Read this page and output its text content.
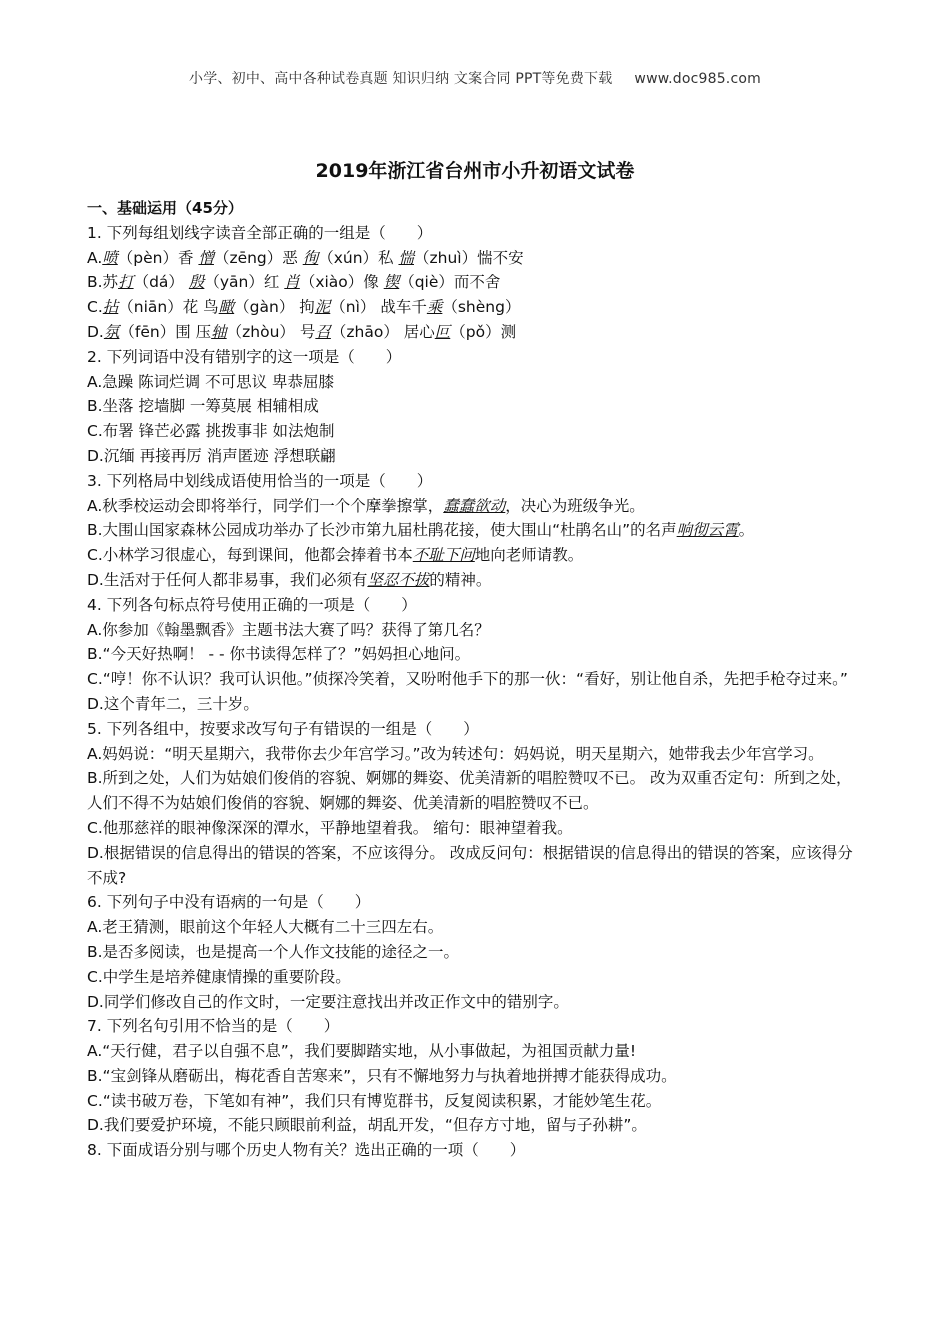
小学、初中、高中各种试卷真题 知识归纳 文案合同 PPT等免费下载 www.doc985.com
2019年浙江省台州市小升初语文试卷
一、基础运用（45分）
1. 下列每组划线字读音全部正确的一组是（　　）
A.喷（pèn）香 憎（zēng）恶 徇（xún）私 惴（zhuì）惴不安
B.苏打（dá） 殷（yān）红 肖（xiào）像 锲（qiè）而不舍
C.拈（niān）花 鸟瞰（gàn） 拘泥（nì） 战车千乘（shèng）
D.氛（fēn）围 压轴（zhòu） 号召（zhāo） 居心叵（pǒ）测
2. 下列词语中没有错别字的这一项是（　　）
A.急躁 陈词烂调 不可思议 卑恭屈膝
B.坐落 挖墙脚 一筹莫展 相辅相成
C.布署 锋芒必露 挑拨事非 如法炮制
D.沉缅 再接再厉 消声匿迹 浮想联翩
3. 下列格局中划线成语使用恰当的一项是（　　）
A.秋季校运动会即将举行，同学们一个个摩拳擦掌，蠢蠢欲动，决心为班级争光。
B.大围山国家森林公园成功举办了长沙市第九届杜鹃花接，使大围山“杜鹃名山”的名声响彻云霄。
C.小林学习很虚心，每到课间，他都会捧着书本不耻下问地向老师请教。
D.生活对于任何人都非易事，我们必须有坚忍不拔的精神。
4. 下列各句标点符号使用正确的一项是（　　）
A.你参加《翰墨飘香》主题书法大赛了吗？获得了第几名？
B.“今天好热啊！ - - 你书读得怎样了？”妈妈担心地问。
C.“哼！你不认识？我可认识他。”侦探冷笑着，又吩咐他手下的那一伙：“看好，别让他自杀，先把手枪夺过来。”
D.这个青年二，三十岁。
5. 下列各组中，按要求改写句子有错误的一组是（　　）
A.妈妈说：“明天星期六，我带你去少年宫学习。”改为转述句：妈妈说，明天星期六，她带我去少年宫学习。
B.所到之处，人们为姑娘们俊俏的容貌、婀娜的舞姿、优美清新的唱腔赞叹不已。 改为双重否定句：所到之处，人们不得不为姑娘们俊俏的容貌、婀娜的舞姿、优美清新的唱腔赞叹不已。
C.他那慈祥的眼神像深深的潭水，平静地望着我。 缩句：眼神望着我。
D.根据错误的信息得出的错误的答案，不应该得分。 改成反问句：根据错误的信息得出的错误的答案，应该得分不成?
6. 下列句子中没有语病的一句是（　　）
A.老王猜测，眼前这个年轻人大概有二十三四左右。
B.是否多阅读，也是提高一个人作文技能的途径之一。
C.中学生是培养健康情操的重要阶段。
D.同学们修改自己的作文时，一定要注意找出并改正作文中的错别字。
7. 下列名句引用不恰当的是（　　）
A.“天行健，君子以自强不息”，我们要脚踏实地，从小事做起，为祖国贡献力量!
B.“宝剑锋从磨砺出，梅花香自苦寒来”，只有不懈地努力与执着地拼搏才能获得成功。
C.“读书破万卷，下笔如有神”，我们只有博览群书，反复阅读积累，才能妙笔生花。
D.我们要爱护环境，不能只顾眼前利益，胡乱开发，“但存方寸地，留与子孙耕”。
8. 下面成语分别与哪个历史人物有关？选出正确的一项（　　）
